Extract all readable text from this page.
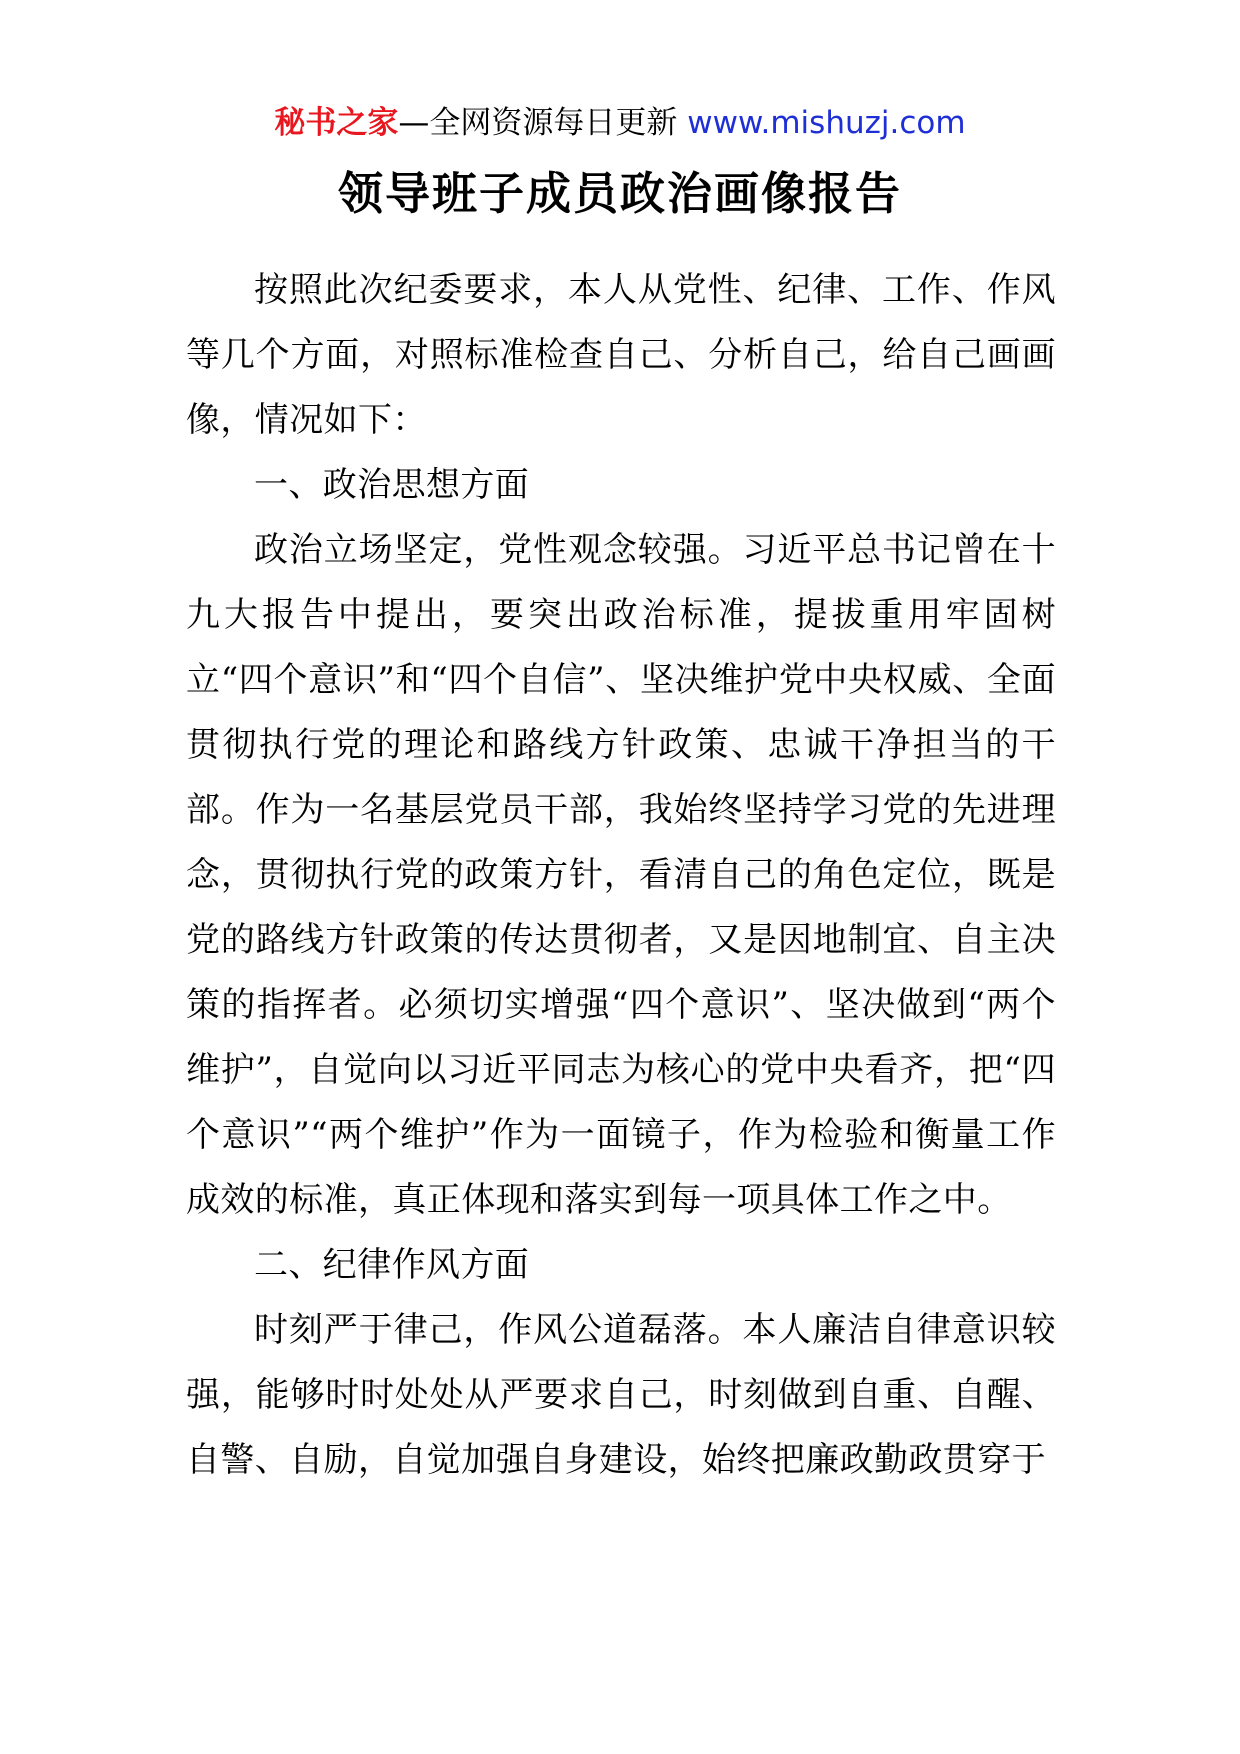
秘书之家—全网资源每日更新 www.mishuzj.com
领导班子成员政治画像报告

按照此次纪委要求，本人从党性、纪律、工作、作风等几个方面，对照标准检查自己、分析自己，给自己画画像，情况如下：

一、政治思想方面

政治立场坚定，党性观念较强。习近平总书记曾在十九大报告中提出，要突出政治标准，提拔重用牢固树立“四个意识”和“四个自信”、坚决维护党中央权威、全面贯彻执行党的理论和路线方针政策、忠诚干净担当的干部。作为一名基层党员干部，我始终坚持学习党的先进理念，贯彻执行党的政策方针，看清自己的角色定位，既是党的路线方针政策的传达贯彻者，又是因地制宜、自主决策的指挥者。必须切实增强“四个意识”、坚决做到“两个维护”，自觉向以习近平同志为核心的党中央看齐，把“四个意识”“两个维护”作为一面镜子，作为检验和衡量工作成效的标准，真正体现和落实到每一项具体工作之中。

二、纪律作风方面

时刻严于律己，作风公道磊落。本人廉洁自律意识较强，能够时时处处从严要求自己，时刻做到自重、自醒、自警、自励，自觉加强自身建设，始终把廉政勤政贯穿于
